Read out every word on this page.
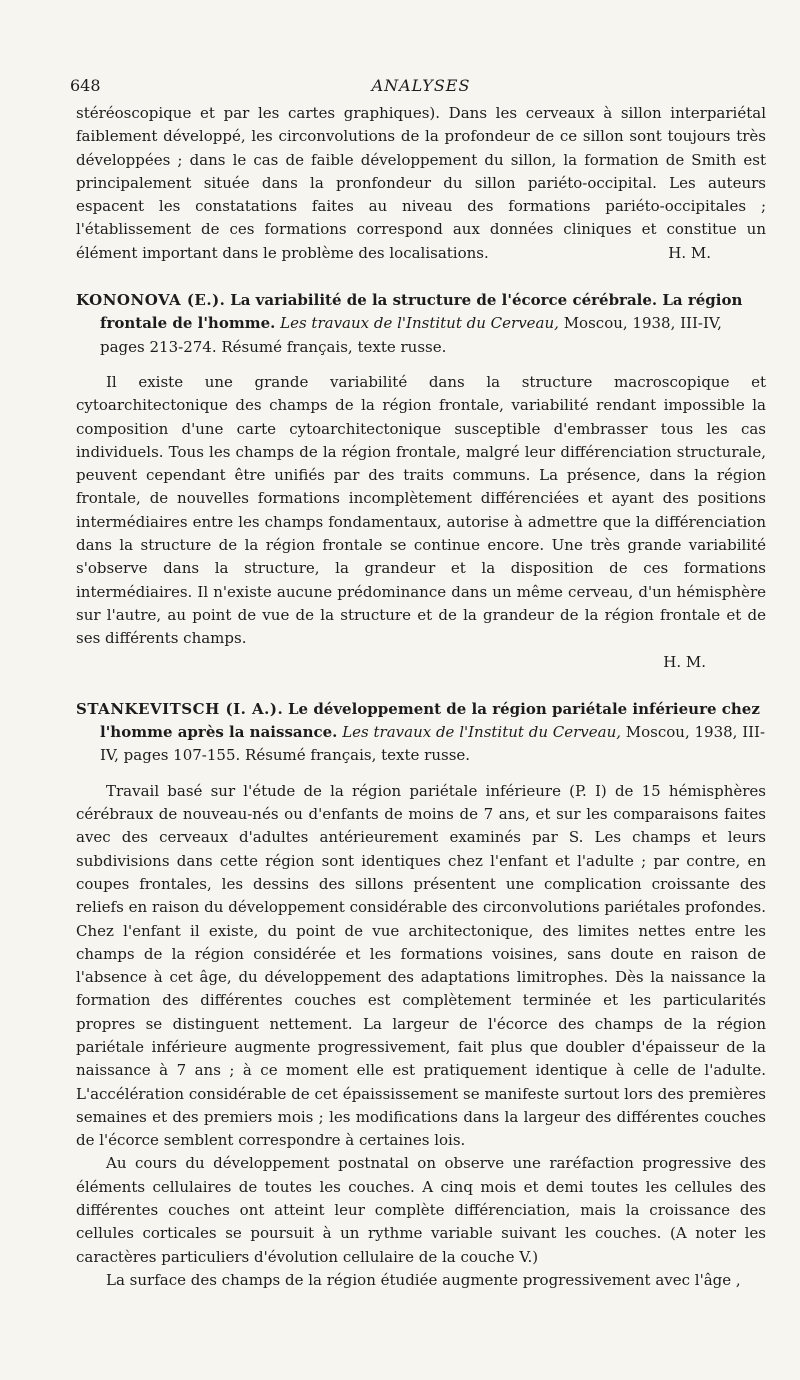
648	ANALYSES

stéréoscopique et par les cartes graphiques). Dans les cerveaux à sillon interpariétal faiblement développé, les circonvolutions de la profondeur de ce sillon sont toujours très développées ; dans le cas de faible développement du sillon, la formation de Smith est principalement située dans la pronfondeur du sillon pariéto-occipital. Les auteurs espacent les constatations faites au niveau des formations pariéto-occipitales ; l'établissement de ces formations correspond aux données cliniques et constitue un élément important dans le problème des localisations.	H. M.

KONONOVA (E.). La variabilité de la structure de l'écorce cérébrale. La région frontale de l'homme. Les travaux de l'Institut du Cerveau, Moscou, 1938, III-IV, pages 213-274. Résumé français, texte russe.

Il existe une grande variabilité dans la structure macroscopique et cytoarchitectonique des champs de la région frontale, variabilité rendant impossible la composition d'une carte cytoarchitectonique susceptible d'embrasser tous les cas individuels. Tous les champs de la région frontale, malgré leur différenciation structurale, peuvent cependant être unifiés par des traits communs. La présence, dans la région frontale, de nouvelles formations incomplètement différenciées et ayant des positions intermédiaires entre les champs fondamentaux, autorise à admettre que la différenciation dans la structure de la région frontale se continue encore. Une très grande variabilité s'observe dans la structure, la grandeur et la disposition de ces formations intermédiaires. Il n'existe aucune prédominance dans un même cerveau, d'un hémisphère sur l'autre, au point de vue de la structure et de la grandeur de la région frontale et de ses différents champs.

H. M.

STANKEVITSCH (I. A.). Le développement de la région pariétale inférieure chez l'homme après la naissance. Les travaux de l'Institut du Cerveau, Moscou, 1938, III-IV, pages 107-155. Résumé français, texte russe.

Travail basé sur l'étude de la région pariétale inférieure (P. I) de 15 hémisphères cérébraux de nouveau-nés ou d'enfants de moins de 7 ans, et sur les comparaisons faites avec des cerveaux d'adultes antérieurement examinés par S. Les champs et leurs subdivisions dans cette région sont identiques chez l'enfant et l'adulte ; par contre, en coupes frontales, les dessins des sillons présentent une complication croissante des reliefs en raison du développement considérable des circonvolutions pariétales profondes. Chez l'enfant il existe, du point de vue architectonique, des limites nettes entre les champs de la région considérée et les formations voisines, sans doute en raison de l'absence à cet âge, du développement des adaptations limitrophes. Dès la naissance la formation des différentes couches est complètement terminée et les particularités propres se distinguent nettement. La largeur de l'écorce des champs de la région pariétale inférieure augmente progressivement, fait plus que doubler d'épaisseur de la naissance à 7 ans ; à ce moment elle est pratiquement identique à celle de l'adulte. L'accélération considérable de cet épaississement se manifeste surtout lors des premières semaines et des premiers mois ; les modifications dans la largeur des différentes couches de l'écorce semblent correspondre à certaines lois.

Au cours du développement postnatal on observe une raréfaction progressive des éléments cellulaires de toutes les couches. A cinq mois et demi toutes les cellules des différentes couches ont atteint leur complète différenciation, mais la croissance des cellules corticales se poursuit à un rythme variable suivant les couches. (A noter les caractères particuliers d'évolution cellulaire de la couche V.)

La surface des champs de la région étudiée augmente progressivement avec l'âge ,
